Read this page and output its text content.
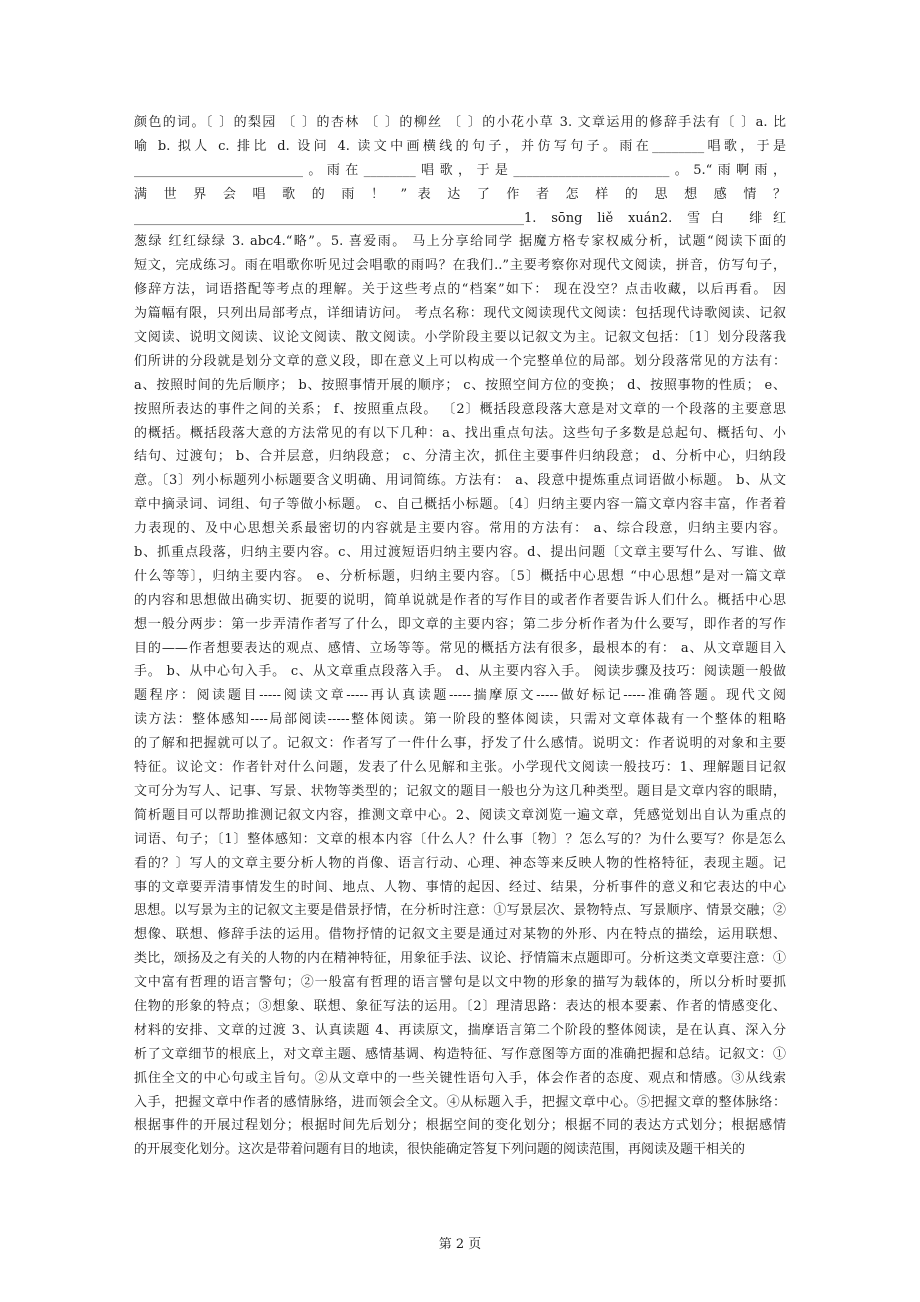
颜色的词。〔 〕的梨园 〔 〕的杏林 〔 〕的柳丝 〔 〕的小花小草 3. 文章运用的修辞手法有〔 〕a. 比
喻 b. 拟人 c. 排比 d. 设问 4. 读文中画横线的句子，并仿写句子。雨在________唱歌，于是
__________________________。雨在________唱歌，于是________________________。5.“雨啊雨，
满 世 界 会 唱 歌 的 雨 ！ ” 表 达 了 作 者 怎 样 的 思 想 感 情 ？
____________________________________________________________1. sōng liě xuán2. 雪白 绯红
葱绿 红红绿绿 3. abc4.“略”。5. 喜爱雨。 马上分享给同学 据魔方格专家权威分析，试题“阅读下面的
短文，完成练习。雨在唱歌你听见过会唱歌的雨吗？在我们..”主要考察你对现代文阅读，拼音，仿写句子，
修辞方法，词语搭配等考点的理解。关于这些考点的“档案”如下： 现在没空？点击收藏，以后再看。 因
为篇幅有限，只列出局部考点，详细请访问。 考点名称：现代文阅读现代文阅读：包括现代诗歌阅读、记叙
文阅读、说明文阅读、议论文阅读、散文阅读。小学阶段主要以记叙文为主。记叙文包括：〔1〕划分段落我
们所讲的分段就是划分文章的意义段，即在意义上可以构成一个完整单位的局部。划分段落常见的方法有：
a、按照时间的先后顺序； b、按照事情开展的顺序； c、按照空间方位的变换； d、按照事物的性质； e、
按照所表达的事件之间的关系； f、按照重点段。 〔2〕概括段意段落大意是对文章的一个段落的主要意思
的概括。概括段落大意的方法常见的有以下几种：a、找出重点句法。这些句子多数是总起句、概括句、小
结句、过渡句； b、合并层意，归纳段意； c、分清主次，抓住主要事件归纳段意； d、分析中心，归纳段
意。〔3〕列小标题列小标题要含义明确、用词简练。方法有： a、段意中提炼重点词语做小标题。 b、从文
章中摘录词、词组、句子等做小标题。 c、自己概括小标题。〔4〕归纳主要内容一篇文章内容丰富，作者着
力表现的、及中心思想关系最密切的内容就是主要内容。常用的方法有： a、综合段意，归纳主要内容。
b、抓重点段落，归纳主要内容。c、用过渡短语归纳主要内容。d、提出问题〔文章主要写什么、写谁、做
什么等等〕，归纳主要内容。 e、分析标题，归纳主要内容。〔5〕概括中心思想 “中心思想”是对一篇文章
的内容和思想做出确实切、扼要的说明，简单说就是作者的写作目的或者作者要告诉人们什么。概括中心思
想一般分两步：第一步弄清作者写了什么，即文章的主要内容；第二步分析作者为什么要写，即作者的写作
目的——作者想要表达的观点、感情、立场等等。常见的概括方法有很多，最根本的有： a、从文章题目入
手。 b、从中心句入手。 c、从文章重点段落入手。 d、从主要内容入手。 阅读步骤及技巧：阅读题一般做
题程序：阅读题目-----阅读文章-----再认真读题-----揣摩原文-----做好标记-----准确答题。现代文阅
读方法：整体感知----局部阅读-----整体阅读。第一阶段的整体阅读，只需对文章体裁有一个整体的粗略
的了解和把握就可以了。记叙文：作者写了一件什么事，抒发了什么感情。说明文：作者说明的对象和主要
特征。议论文：作者针对什么问题，发表了什么见解和主张。小学现代文阅读一般技巧：1、理解题目记叙
文可分为写人、记事、写景、状物等类型的；记叙文的题目一般也分为这几种类型。题目是文章内容的眼睛，
简析题目可以帮助推测记叙文内容，推测文章中心。2、阅读文章浏览一遍文章，凭感觉划出自认为重点的
词语、句子；〔1〕整体感知：文章的根本内容〔什么人？什么事〔物〕？怎么写的？为什么要写？你是怎么
看的？〕写人的文章主要分析人物的肖像、语言行动、心理、神态等来反映人物的性格特征，表现主题。记
事的文章要弄清事情发生的时间、地点、人物、事情的起因、经过、结果，分析事件的意义和它表达的中心
思想。以写景为主的记叙文主要是借景抒情，在分析时注意：①写景层次、景物特点、写景顺序、情景交融；②
想像、联想、修辞手法的运用。借物抒情的记叙文主要是通过对某物的外形、内在特点的描绘，运用联想、
类比，颂扬及之有关的人物的内在精神特征，用象征手法、议论、抒情篇末点题即可。分析这类文章要注意：①
文中富有哲理的语言警句；②一般富有哲理的语言譬句是以文中物的形象的描写为载体的，所以分析时要抓
住物的形象的特点；③想象、联想、象征写法的运用。〔2〕理清思路：表达的根本要素、作者的情感变化、
材料的安排、文章的过渡 3、认真读题 4、再读原文，揣摩语言第二个阶段的整体阅读，是在认真、深入分
析了文章细节的根底上，对文章主题、感情基调、构造特征、写作意图等方面的准确把握和总结。记叙文：①
抓住全文的中心句或主旨句。②从文章中的一些关键性语句入手，体会作者的态度、观点和情感。③从线索
入手，把握文章中作者的感情脉络，进而领会全文。④从标题入手，把握文章中心。⑤把握文章的整体脉络：
根据事件的开展过程划分；根据时间先后划分；根据空间的变化划分；根据不同的表达方式划分；根据感情
的开展变化划分。这次是带着问题有目的地读，很快能确定答复下列问题的阅读范围，再阅读及题干相关的
第 2 页
